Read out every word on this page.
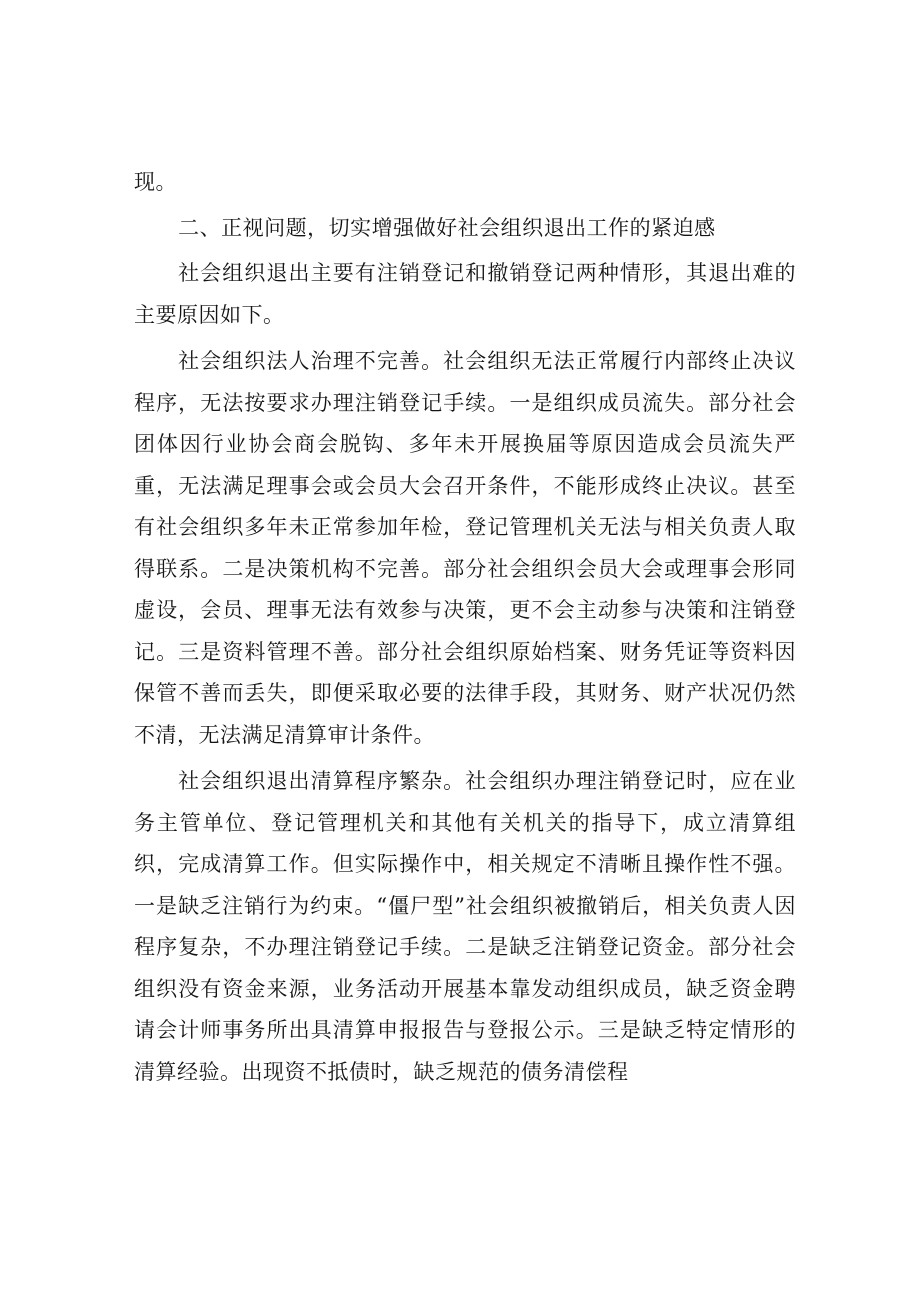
现。

二、正视问题，切实增强做好社会组织退出工作的紧迫感

社会组织退出主要有注销登记和撤销登记两种情形，其退出难的主要原因如下。

社会组织法人治理不完善。社会组织无法正常履行内部终止决议程序，无法按要求办理注销登记手续。一是组织成员流失。部分社会团体因行业协会商会脱钩、多年未开展换届等原因造成会员流失严重，无法满足理事会或会员大会召开条件，不能形成终止决议。甚至有社会组织多年未正常参加年检，登记管理机关无法与相关负责人取得联系。二是决策机构不完善。部分社会组织会员大会或理事会形同虚设，会员、理事无法有效参与决策，更不会主动参与决策和注销登记。三是资料管理不善。部分社会组织原始档案、财务凭证等资料因保管不善而丢失，即便采取必要的法律手段，其财务、财产状况仍然不清，无法满足清算审计条件。

社会组织退出清算程序繁杂。社会组织办理注销登记时，应在业务主管单位、登记管理机关和其他有关机关的指导下，成立清算组织，完成清算工作。但实际操作中，相关规定不清晰且操作性不强。一是缺乏注销行为约束。“僵尸型”社会组织被撤销后，相关负责人因程序复杂，不办理注销登记手续。二是缺乏注销登记资金。部分社会组织没有资金来源，业务活动开展基本靠发动组织成员，缺乏资金聘请会计师事务所出具清算申报报告与登报公示。三是缺乏特定情形的清算经验。出现资不抵债时，缺乏规范的债务清偿程
